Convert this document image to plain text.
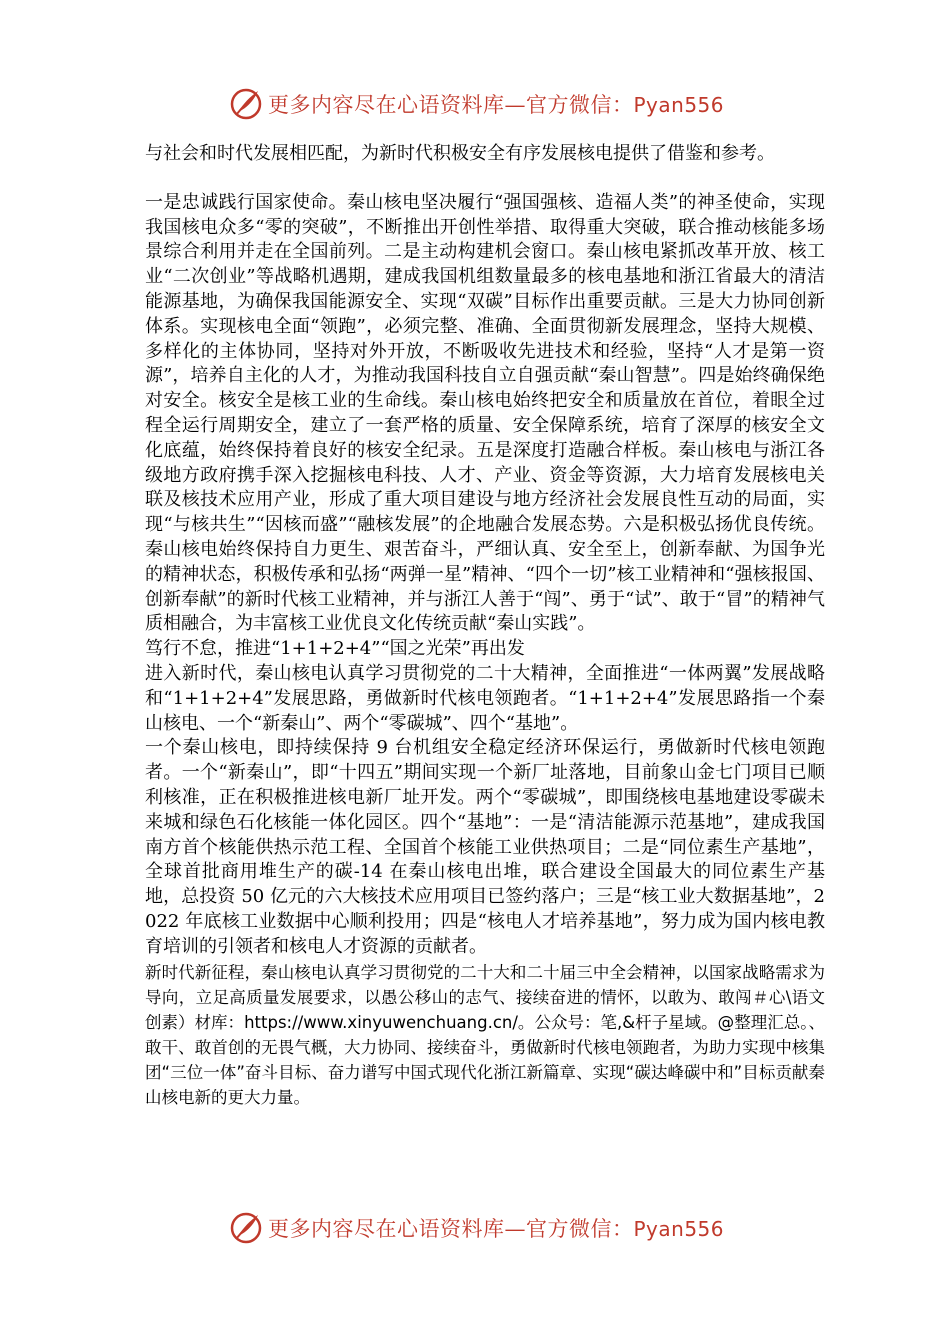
更多内容尽在心语资料库—官方微信：Pyan556

与社会和时代发展相匹配，为新时代积极安全有序发展核电提供了借鉴和参考。

一是忠诚践行国家使命。秦山核电坚决履行“强国强核、造福人类”的神圣使命，实现我国核电众多“零的突破”，不断推出开创性举措、取得重大突破，联合推动核能多场景综合利用并走在全国前列。二是主动构建机会窗口。秦山核电紧抓改革开放、核工业“二次创业”等战略机遇期，建成我国机组数量最多的核电基地和浙江省最大的清洁能源基地，为确保我国能源安全、实现“双碳”目标作出重要贡献。三是大力协同创新体系。实现核电全面“领跑”，必须完整、准确、全面贯彻新发展理念，坚持大规模、多样化的主体协同，坚持对外开放，不断吸收先进技术和经验，坚持“人才是第一资源”，培养自主化的人才，为推动我国科技自立自强贡献“秦山智慧”。四是始终确保绝对安全。核安全是核工业的生命线。秦山核电始终把安全和质量放在首位，着眼全过程全运行周期安全，建立了一套严格的质量、安全保障系统，培育了深厚的核安全文化底蕴，始终保持着良好的核安全纪录。五是深度打造融合样板。秦山核电与浙江各级地方政府携手深入挖掘核电科技、人才、产业、资金等资源，大力培育发展核电关联及核技术应用产业，形成了重大项目建设与地方经济社会发展良性互动的局面，实现“与核共生”“因核而盛”“融核发展”的企地融合发展态势。六是积极弘扬优良传统。秦山核电始终保持自力更生、艰苦奋斗，严细认真、安全至上，创新奉献、为国争光的精神状态，积极传承和弘扬“两弹一星”精神、“四个一切”核工业精神和“强核报国、创新奉献”的新时代核工业精神，并与浙江人善于“闯”、勇于“试”、敢于“冒”的精神气质相融合，为丰富核工业优良文化传统贡献“秦山实践”。

笃行不怠，推进“1+1+2+4”“国之光荣”再出发

进入新时代，秦山核电认真学习贯彻党的二十大精神，全面推进“一体两翼”发展战略和“1+1+2+4”发展思路，勇做新时代核电领跑者。“1+1+2+4”发展思路指一个秦山核电、一个“新秦山”、两个“零碳城”、四个“基地”。

一个秦山核电，即持续保持 9 台机组安全稳定经济环保运行，勇做新时代核电领跑者。一个“新秦山”，即“十四五”期间实现一个新厂址落地，目前象山金七门项目已顺利核准，正在积极推进核电新厂址开发。两个“零碳城”，即围绕核电基地建设零碳未来城和绿色石化核能一体化园区。四个“基地”：一是“清洁能源示范基地”，建成我国南方首个核能供热示范工程、全国首个核能工业供热项目；二是“同位素生产基地”，全球首批商用堆生产的碳-14 在秦山核电出堆，联合建设全国最大的同位素生产基地，总投资 50 亿元的六大核技术应用项目已签约落户；三是“核工业大数据基地”，2022 年底核工业数据中心顺利投用；四是“核电人才培养基地”，努力成为国内核电教育培训的引领者和核电人才资源的贡献者。

新时代新征程，秦山核电认真学习贯彻党的二十大和二十届三中全会精神，以国家战略需求为导向，立足高质量发展要求，以愚公移山的志气、接续奋进的情怀，以敢为、敢闯＃心\语文创素）材库：https://www.xinyuwenchuang.cn/。公众号：笔,&杆子星域。@整理汇总。、敢干、敢首创的无畏气概，大力协同、接续奋斗，勇做新时代核电领跑者，为助力实现中核集团“三位一体”奋斗目标、奋力谱写中国式现代化浙江新篇章、实现“碳达峰碳中和”目标贡献秦山核电新的更大力量。

更多内容尽在心语资料库—官方微信：Pyan556
